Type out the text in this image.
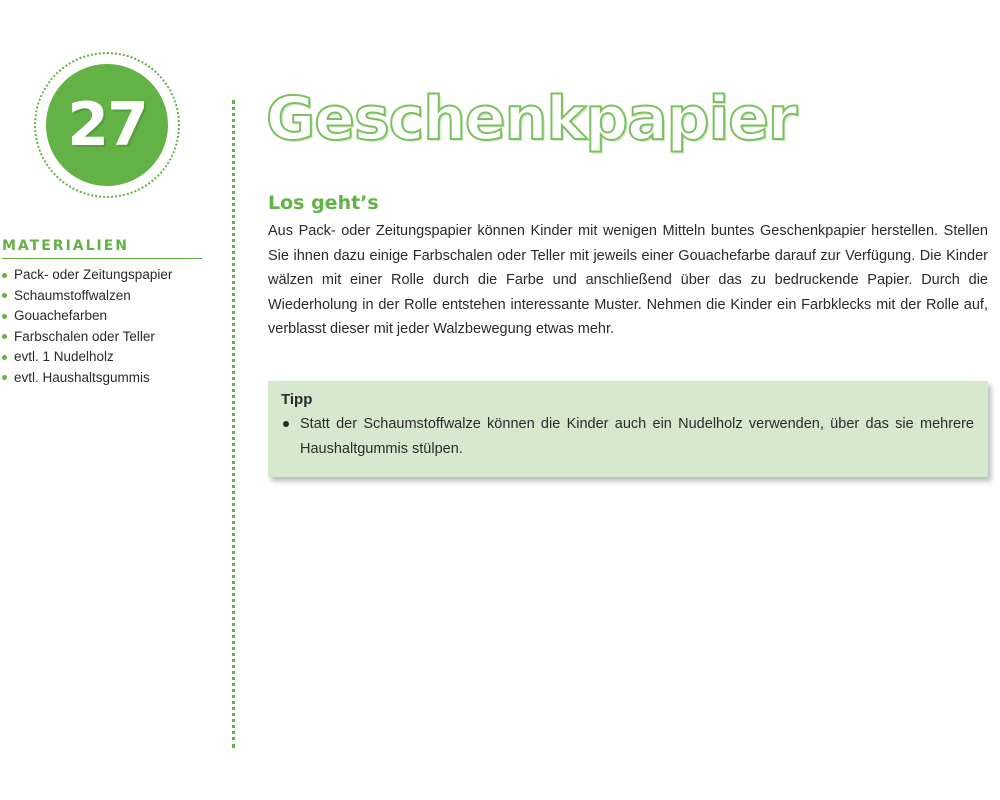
27
MATERIALIEN
Pack- oder Zeitungspapier
Schaumstoffwalzen
Gouachefarben
Farbschalen oder Teller
evtl. 1 Nudelholz
evtl. Haushaltsgummis
Geschenkpapier
Los geht’s

Aus Pack- oder Zeitungspapier können Kinder mit wenigen Mitteln buntes Geschenkpapier herstellen. Stellen Sie ihnen dazu einige Farbschalen oder Teller mit jeweils einer Gouachefarbe darauf zur Verfügung. Die Kinder wälzen mit einer Rolle durch die Farbe und anschließend über das zu bedruckende Papier. Durch die Wiederholung in der Rolle entstehen interessante Muster. Nehmen die Kinder ein Farbklecks mit der Rolle auf, verblasst dieser mit jeder Walzbewegung etwas mehr.

Tipp
Statt der Schaumstoffwalze können die Kinder auch ein Nudelholz verwenden, über das sie mehrere Haushaltgummis stülpen.
